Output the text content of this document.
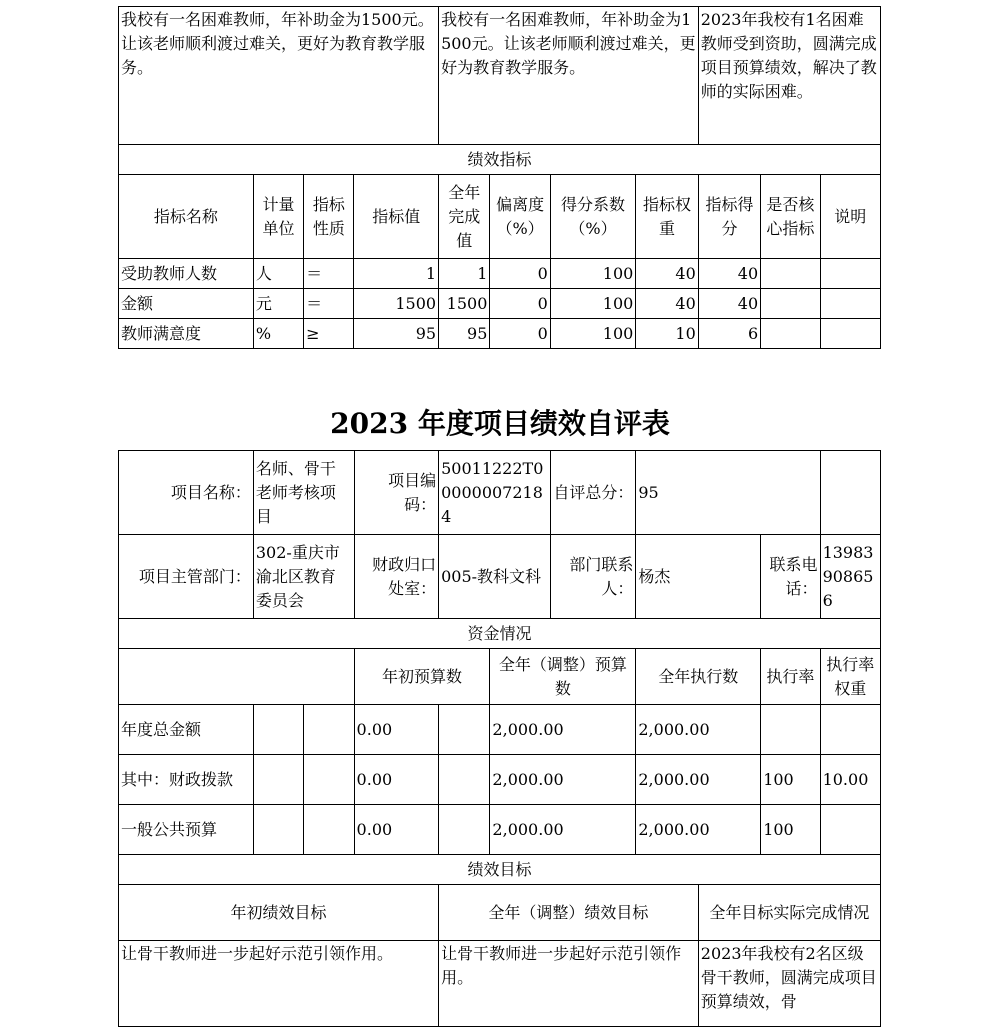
我校有一名困难教师，年补助金为1500元。让该老师顺利渡过难关，更好为教育教学服务。				我校有一名困难教师，年补助金为1500元。让该老师顺利渡过难关，更好为教育教学服务。				2023年我校有1名困难教师受到资助，圆满完成项目预算绩效，解决了教师的实际困难。		
绩效指标										
指标名称	计量单位	指标性质	指标值	全年完成值	偏离度（%）	得分系数（%）	指标权重	指标得分	是否核心指标	说明
受助教师人数	人	＝	1	1	0	100	40	40		
金额	元	＝	1500	1500	0	100	40	40		
教师满意度	%	≥	95	95	0	100	10	6		
2023 年度项目绩效自评表
项目名称：	名师、骨干老师考核项目		项目编码：	50011222T000000072184		自评总分：	95			
项目主管部门：	302-重庆市渝北区教育委员会		财政归口处室：	005-教科文科		部门联系人：	杨杰		联系电话：	13983908656
资金情况										
			年初预算数		全年（调整）预算数		全年执行数		执行率	执行率权重
年度总金额			0.00		2,000.00		2,000.00			
其中：财政拨款			0.00		2,000.00		2,000.00		100	10.00
一般公共预算			0.00		2,000.00		2,000.00		100	
绩效目标										
年初绩效目标				全年（调整）绩效目标				全年目标实际完成情况		
让骨干教师进一步起好示范引领作用。				让骨干教师进一步起好示范引领作用。				2023年我校有2名区级骨干教师，圆满完成项目预算绩效，骨		
